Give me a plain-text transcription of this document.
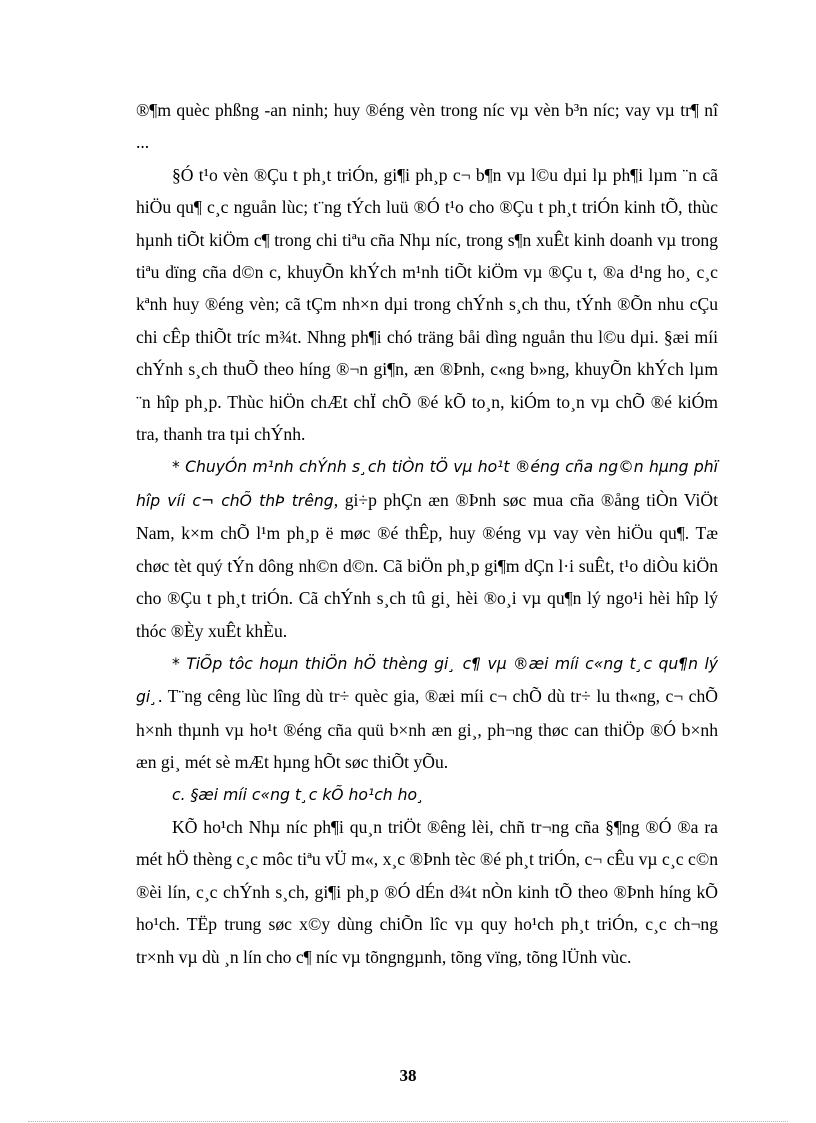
®¶m quèc phßng -an ninh; huy ®éng vèn trong níc vµ vèn b³n níc; vay vµ tr¶ nî ...

§Ó t¹o vèn ®Çu t ph¸t triÓn, gi¶i ph¸p c¬ b¶n vµ l©u dµi lµ ph¶i lµm ¨n cã hiÖu qu¶ c¸c nguån lùc; t¨ng tÝch luü ®Ó t¹o cho ®Çu t ph¸t triÓn kinh tÕ, thùc hµnh tiÕt kiÖm c¶ trong chi tiªu cña Nhµ níc, trong s¶n xuÊt kinh doanh vµ trong tiªu dïng cña d©n c, khuyÕn khÝch m¹nh tiÕt kiÖm vµ ®Çu t, ®a d¹ng ho¸ c¸c kªnh huy ®éng vèn; cã tÇm nh×n dµi trong chÝnh s¸ch thu, tÝnh ®Õn nhu cÇu chi cÊp thiÕt tríc m¾t. Nhng ph¶i chó träng båi dìng nguån thu l©u dµi. §æi míi chÝnh s¸ch thuÕ theo híng ®¬n gi¶n, æn ®Þnh, c«ng b»ng, khuyÕn khÝch lµm ¨n hîp ph¸p. Thùc hiÖn chÆt chÏ chÕ ®é kÕ to¸n, kiÓm to¸n vµ chÕ ®é kiÓm tra, thanh tra tµi chÝnh.

* ChuyÓn m¹nh chÝnh s¸ch tiÒn tÖ vµ ho¹t ®éng cña ng©n hµng phï hîp víi c¬ chÕ thÞ trêng, gi÷p phÇn æn ®Þnh søc mua cña ®ång tiÒn ViÖt Nam, k×m chÕ l¹m ph¸p ë møc ®é thÊp, huy ®éng vµ vay vèn hiÖu qu¶. Tæ chøc tèt quý tÝn dông nh©n d©n. Cã biÖn ph¸p gi¶m dÇn l·i suÊt, t¹o diÒu kiÖn cho ®Çu t ph¸t triÓn. Cã chÝnh s¸ch tû gi¸ hèi ®o¸i vµ qu¶n lý ngo¹i hèi hîp lý thóc ®Èy xuÊt khÈu.

* TiÕp tôc hoµn thiÖn hÖ thèng gi¸ c¶ vµ ®æi míi c«ng t¸c qu¶n lý gi¸. T¨ng cêng lùc lîng dù tr÷ quèc gia, ®æi míi c¬ chÕ dù tr÷ lu th«ng, c¬ chÕ h×nh thµnh vµ ho¹t ®éng cña quü b×nh æn gi¸, ph¬ng thøc can thiÖp ®Ó b×nh æn gi¸ mét sè mÆt hµng hÕt søc thiÕt yÕu.

c. §æi míi c«ng t¸c kÕ ho¹ch ho¸

KÕ ho¹ch Nhµ níc ph¶i qu¸n triÖt ®êng lèi, chñ tr¬ng cña §¶ng ®Ó ®a ra mét hÖ thèng c¸c môc tiªu vÜ m«, x¸c ®Þnh tèc ®é ph¸t triÓn, c¬ cÊu vµ c¸c c©n ®èi lín, c¸c chÝnh s¸ch, gi¶i ph¸p ®Ó dÉn d¾t nÒn kinh tÕ theo ®Þnh híng kÕ ho¹ch. TËp trung søc x©y dùng chiÕn lîc vµ quy ho¹ch ph¸t triÓn, c¸c ch¬ng tr×nh vµ dù ¸n lín cho c¶ níc vµ tõngngµnh, tõng vïng, tõng lÜnh vùc.

38
